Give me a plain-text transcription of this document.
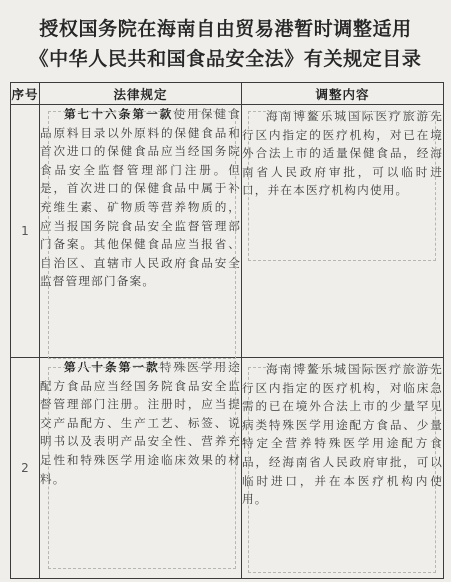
授权国务院在海南自由贸易港暂时调整适用
《中华人民共和国食品安全法》有关规定目录
序号	法律规定	调整内容
1	第七十六条第一款使用保健食品原料目录以外原料的保健食品和首次进口的保健食品应当经国务院食品安全监督管理部门注册。但是，首次进口的保健食品中属于补充维生素、矿物质等营养物质的，应当报国务院食品安全监督管理部门备案。其他保健食品应当报省、自治区、直辖市人民政府食品安全监督管理部门备案。	海南博鳌乐城国际医疗旅游先行区内指定的医疗机构，对已在境外合法上市的适量保健食品，经海南省人民政府审批，可以临时进口，并在本医疗机构内使用。

2	第八十条第一款特殊医学用途配方食品应当经国务院食品安全监督管理部门注册。注册时，应当提交产品配方、生产工艺、标签、说明书以及表明产品安全性、营养充足性和特殊医学用途临床效果的材料。	海南博鳌乐城国际医疗旅游先行区内指定的医疗机构，对临床急需的已在境外合法上市的少量罕见病类特殊医学用途配方食品、少量特定全营养特殊医学用途配方食品，经海南省人民政府审批，可以临时进口，并在本医疗机构内使用。
